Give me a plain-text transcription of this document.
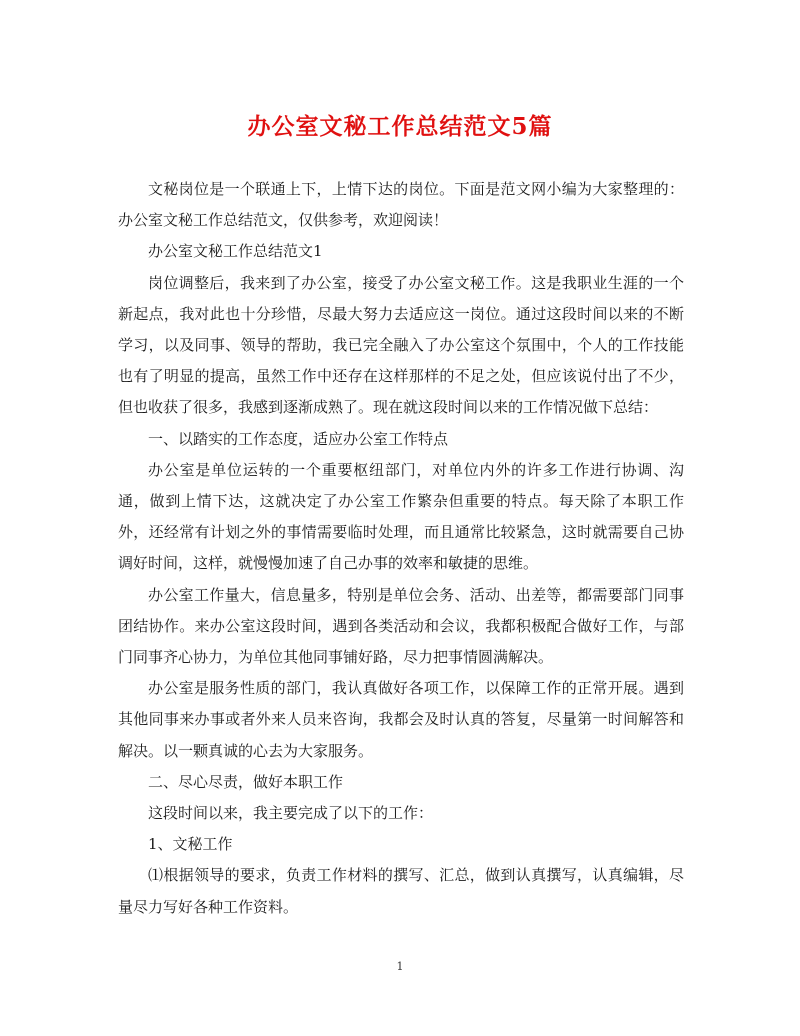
办公室文秘工作总结范文5篇

文秘岗位是一个联通上下，上情下达的岗位。下面是范文网小编为大家整理的：办公室文秘工作总结范文，仅供参考，欢迎阅读！

办公室文秘工作总结范文1

岗位调整后，我来到了办公室，接受了办公室文秘工作。这是我职业生涯的一个新起点，我对此也十分珍惜，尽最大努力去适应这一岗位。通过这段时间以来的不断学习，以及同事、领导的帮助，我已完全融入了办公室这个氛围中，个人的工作技能也有了明显的提高，虽然工作中还存在这样那样的不足之处，但应该说付出了不少，但也收获了很多，我感到逐渐成熟了。现在就这段时间以来的工作情况做下总结：

一、以踏实的工作态度，适应办公室工作特点

办公室是单位运转的一个重要枢纽部门，对单位内外的许多工作进行协调、沟通，做到上情下达，这就决定了办公室工作繁杂但重要的特点。每天除了本职工作外，还经常有计划之外的事情需要临时处理，而且通常比较紧急，这时就需要自己协调好时间，这样，就慢慢加速了自己办事的效率和敏捷的思维。

办公室工作量大，信息量多，特别是单位会务、活动、出差等，都需要部门同事团结协作。来办公室这段时间，遇到各类活动和会议，我都积极配合做好工作，与部门同事齐心协力，为单位其他同事铺好路，尽力把事情圆满解决。

办公室是服务性质的部门，我认真做好各项工作，以保障工作的正常开展。遇到其他同事来办事或者外来人员来咨询，我都会及时认真的答复，尽量第一时间解答和解决。以一颗真诚的心去为大家服务。

二、尽心尽责，做好本职工作

这段时间以来，我主要完成了以下的工作：

1、文秘工作

⑴根据领导的要求，负责工作材料的撰写、汇总，做到认真撰写，认真编辑，尽量尽力写好各种工作资料。

1
